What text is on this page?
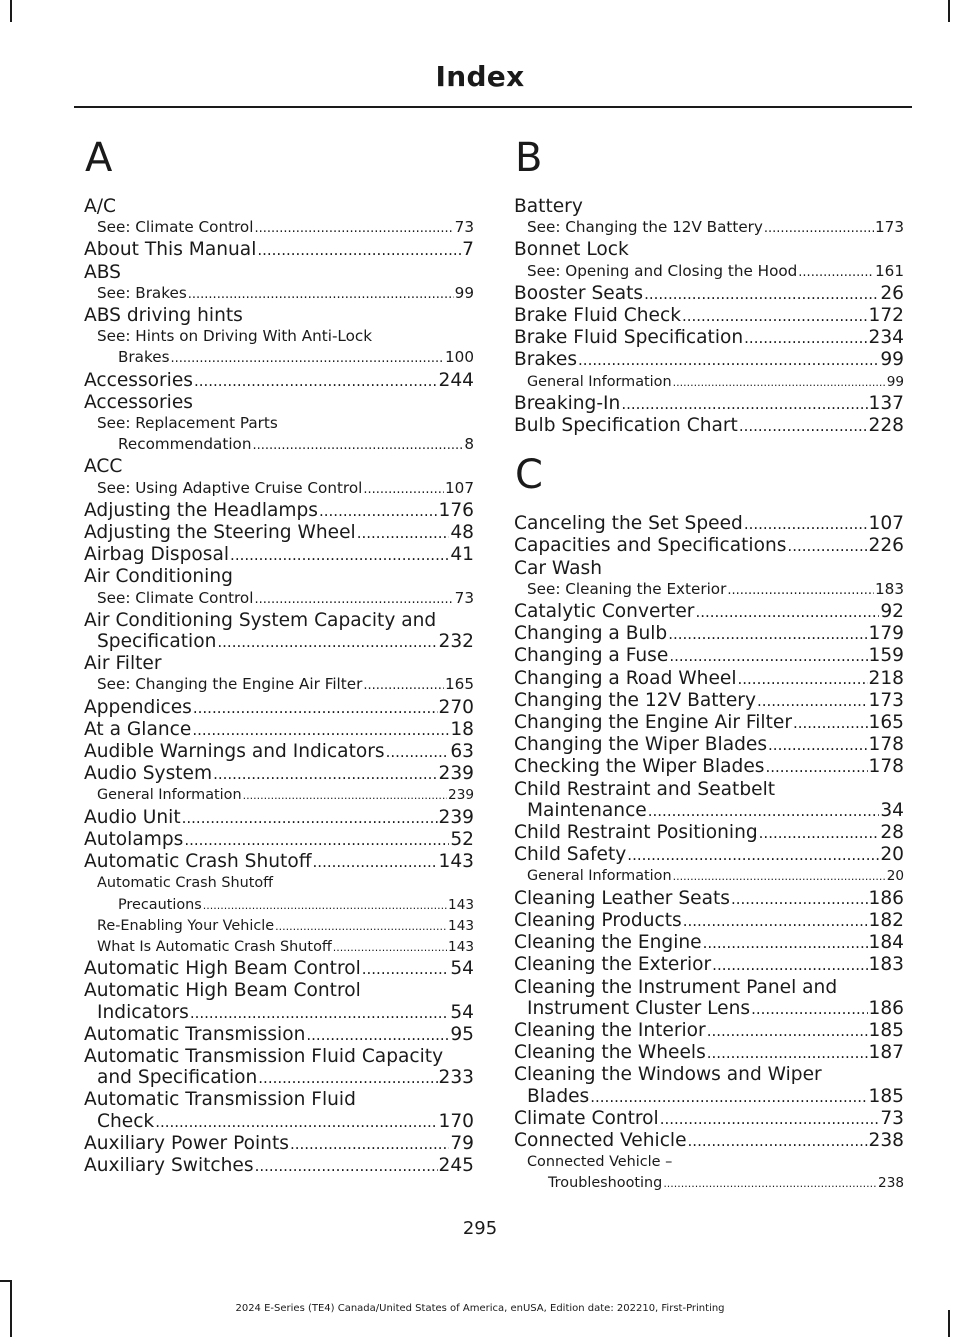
Index
A
A/C
See: Climate Control .....	73
About This Manual .....	7
ABS
See: Brakes .....	99
ABS driving hints
See: Hints on Driving With Anti-Lock
Brakes .....	100
Accessories .....	244
Accessories
See: Replacement Parts
Recommendation .....	8
ACC
See: Using Adaptive Cruise Control .....	107
Adjusting the Headlamps .....	176
Adjusting the Steering Wheel .....	48
Airbag Disposal .....	41
Air Conditioning
See: Climate Control .....	73
Air Conditioning System Capacity and
Specification .....	232
Air Filter
See: Changing the Engine Air Filter .....	165
Appendices .....	270
At a Glance .....	18
Audible Warnings and Indicators .....	63
Audio System .....	239
General Information .....	239
Audio Unit .....	239
Autolamps .....	52
Automatic Crash Shutoff .....	143
Automatic Crash Shutoff
Precautions .....	143
Re-Enabling Your Vehicle .....	143
What Is Automatic Crash Shutoff .....	143
Automatic High Beam Control .....	54
Automatic High Beam Control
Indicators .....	54
Automatic Transmission .....	95
Automatic Transmission Fluid Capacity
and Specification .....	233
Automatic Transmission Fluid
Check .....	170
Auxiliary Power Points .....	79
Auxiliary Switches .....	245
B
Battery
See: Changing the 12V Battery .....	173
Bonnet Lock
See: Opening and Closing the Hood .....	161
Booster Seats .....	26
Brake Fluid Check .....	172
Brake Fluid Specification .....	234
Brakes .....	99
General Information .....	99
Breaking-In .....	137
Bulb Specification Chart .....	228
C
Canceling the Set Speed .....	107
Capacities and Specifications .....	226
Car Wash
See: Cleaning the Exterior .....	183
Catalytic Converter .....	92
Changing a Bulb .....	179
Changing a Fuse .....	159
Changing a Road Wheel .....	218
Changing the 12V Battery .....	173
Changing the Engine Air Filter .....	165
Changing the Wiper Blades .....	178
Checking the Wiper Blades .....	178
Child Restraint and Seatbelt
Maintenance .....	34
Child Restraint Positioning .....	28
Child Safety .....	20
General Information .....	20
Cleaning Leather Seats .....	186
Cleaning Products .....	182
Cleaning the Engine .....	184
Cleaning the Exterior .....	183
Cleaning the Instrument Panel and
Instrument Cluster Lens .....	186
Cleaning the Interior .....	185
Cleaning the Wheels .....	187
Cleaning the Windows and Wiper
Blades .....	185
Climate Control .....	73
Connected Vehicle .....	238
Connected Vehicle –
Troubleshooting .....	238
295
2024 E-Series (TE4) Canada/United States of America, enUSA, Edition date: 202210, First-Printing
